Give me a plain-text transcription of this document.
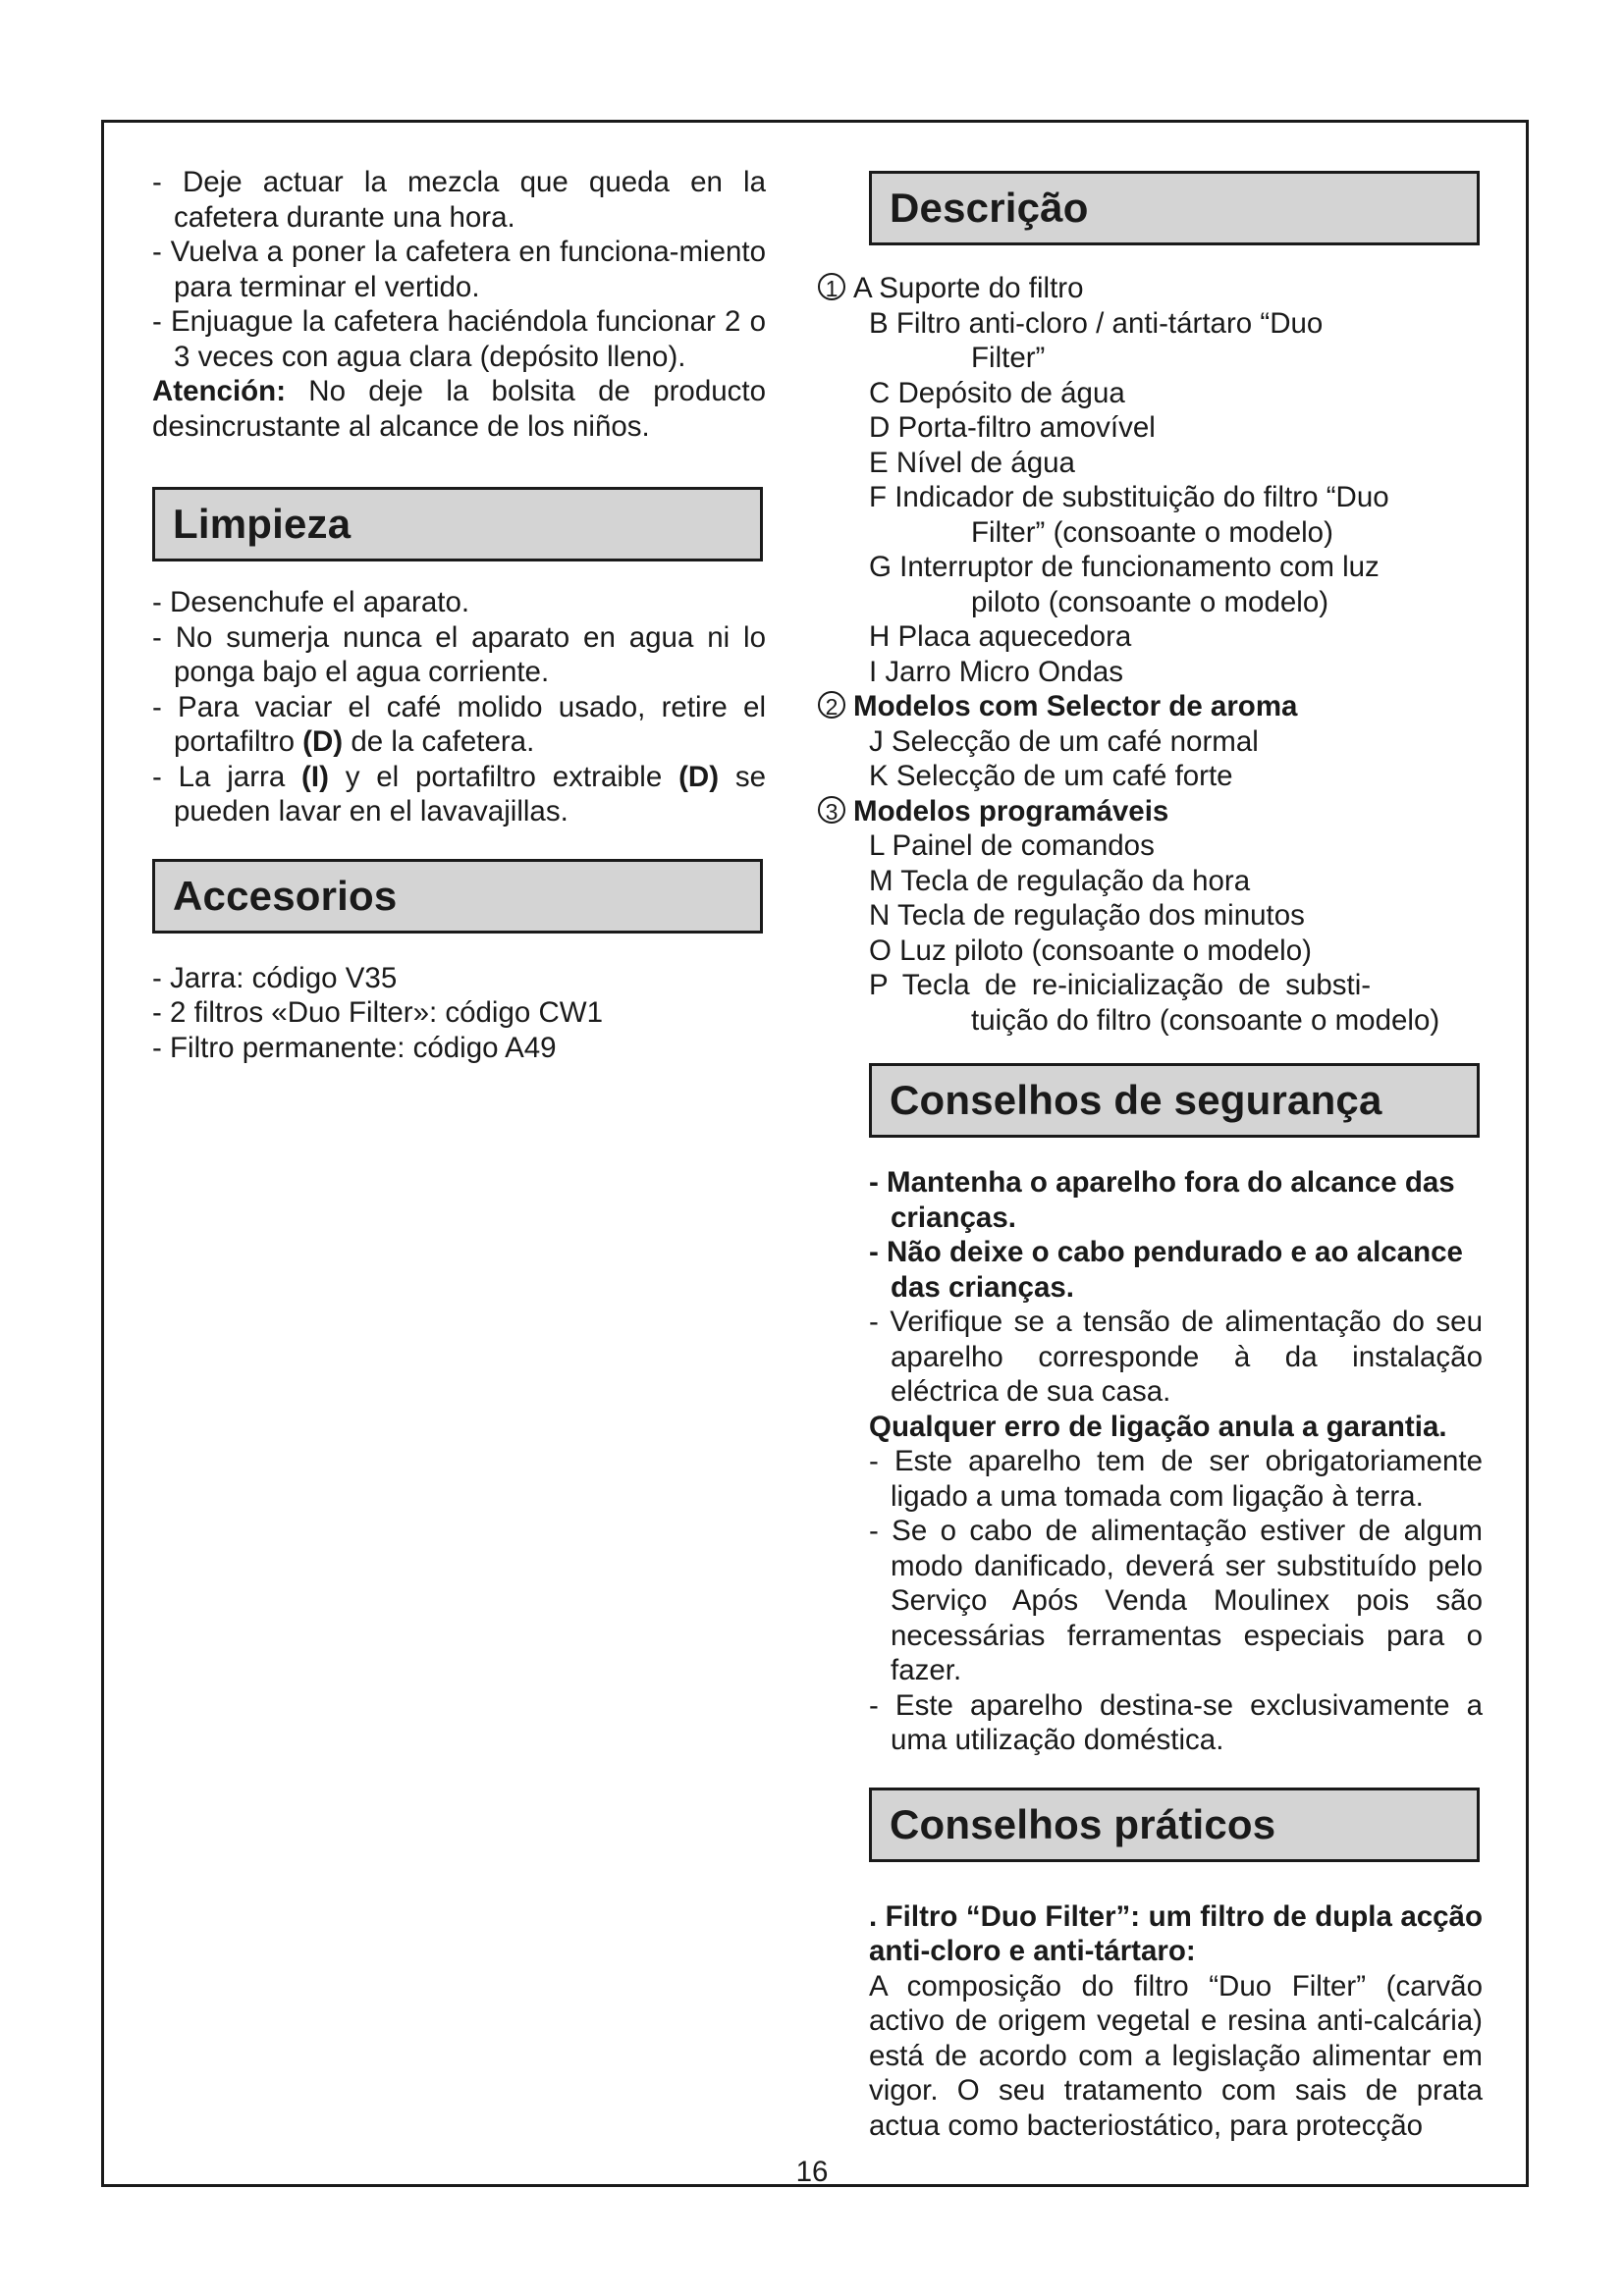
- Deje actuar la mezcla que queda en la cafetera durante una hora.

- Vuelva a poner la cafetera en funciona-miento para terminar el vertido.

- Enjuague la cafetera haciéndola funcionar 2 o 3 veces con agua clara (depósito lleno).

Atención: No deje la bolsita de producto desincrustante al alcance de los niños.

Limpieza

- Desenchufe el aparato.

- No sumerja nunca el aparato en agua ni lo ponga bajo el agua corriente.

- Para vaciar el café molido usado, retire el portafiltro (D) de la cafetera.

- La jarra (I) y el portafiltro extraible (D) se pueden lavar en el lavavajillas.

Accesorios

- Jarra: código V35

- 2 filtros «Duo Filter»: código CW1

- Filtro permanente: código A49

Descrição

1 A Suporte do filtro

B Filtro anti-cloro / anti-tártaro “Duo

Filter”

C Depósito de água

D Porta-filtro amovível

E Nível de água

F Indicador de substituição do filtro “Duo

Filter” (consoante o modelo)

G Interruptor de funcionamento com luz

piloto (consoante o modelo)

H Placa aquecedora

I Jarro Micro Ondas

2 Modelos com Selector de aroma

J Selecção de um café normal

K Selecção de um café forte

3 Modelos programáveis

L Painel de comandos

M Tecla de regulação da hora

N Tecla de regulação dos minutos

O Luz piloto (consoante o modelo)

P Tecla de re-inicialização de substi-

tuição do filtro (consoante o modelo)

Conselhos de segurança

- Mantenha o aparelho fora do alcance das crianças.

- Não deixe o cabo pendurado e ao alcance das crianças.

- Verifique se a tensão de alimentação do seu aparelho corresponde à da instalação eléctrica de sua casa.

Qualquer erro de ligação anula a garantia.

- Este aparelho tem de ser obrigatoriamente ligado a uma tomada com ligação à terra.

- Se o cabo de alimentação estiver de algum modo danificado, deverá ser substituído pelo Serviço Após Venda Moulinex pois são necessárias ferramentas especiais para o fazer.

- Este aparelho destina-se exclusivamente a uma utilização doméstica.

Conselhos práticos

. Filtro “Duo Filter”: um filtro de dupla acção anti-cloro e anti-tártaro:

A composição do filtro “Duo Filter” (carvão activo de origem vegetal e resina anti-calcária) está de acordo com a legislação alimentar em vigor. O seu tratamento com sais de prata actua como bacteriostático, para protecção

16
